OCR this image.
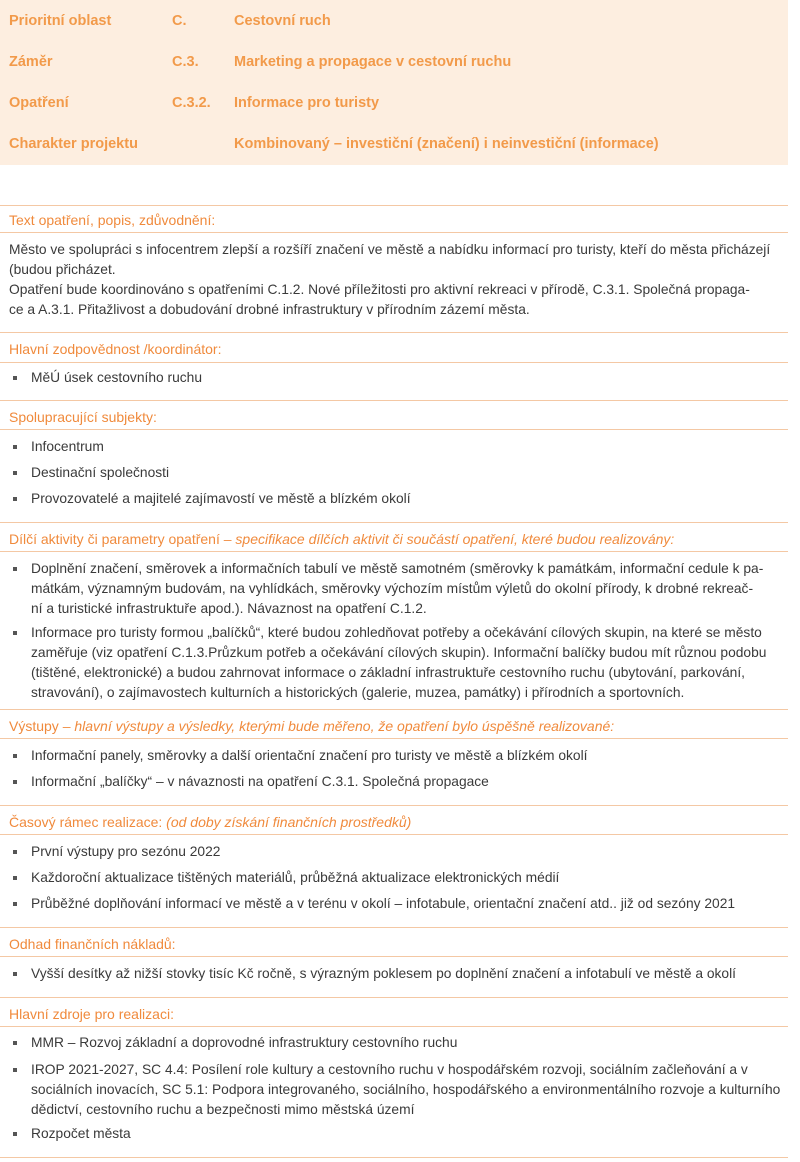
Prioritní oblast	C.	Cestovní ruch
Záměr	C.3. Marketing a propagace v cestovní ruchu
Opatření	C.3.2. Informace pro turisty
Charakter projektu	Kombinovaný – investiční (značení) i neinvestiční (informace)
Text opatření, popis, zdůvodnění:
Město ve spolupráci s infocentrem zlepší a rozšíří značení ve městě a nabídku informací pro turisty, kteří do města přicházejí
(budou přicházet.
Opatření bude koordinováno s opatřeními C.1.2. Nové příležitosti pro aktivní rekreaci v přírodě, C.3.1. Společná propaga-
ce a A.3.1. Přitažlivost a dobudování drobné infrastruktury v přírodním zázemí města.
Hlavní zodpovědnost /koordinátor:
MěÚ úsek cestovního ruchu
Spolupracující subjekty:
Infocentrum
Destinační společnosti
Provozovatelé a majitelé zajímavostí ve městě a blízkém okolí
Dílčí aktivity či parametry opatření – specifikace dílčích aktivit či součástí opatření, které budou realizovány:
Doplnění značení, směrovek a informačních tabulí ve městě samotném (směrovky k památkám, informační cedule k pa-
mátkám, významným budovám, na vyhlídkách, směrovky výchozím místům výletů do okolní přírody, k drobné rekreač-
ní a turistické infrastruktuře apod.). Návaznost na opatření C.1.2.
Informace pro turisty formou „balíčků“, které budou zohledňovat potřeby a očekávání cílových skupin, na které se město
zaměřuje (viz opatření C.1.3.Průzkum potřeb a očekávání cílových skupin). Informační balíčky budou mít různou podobu
(tištěné, elektronické) a budou zahrnovat informace o základní infrastruktuře cestovního ruchu (ubytování, parkování,
stravování), o zajímavostech kulturních a historických (galerie, muzea, památky) i přírodních a sportovních.
Výstupy – hlavní výstupy a výsledky, kterými bude měřeno, že opatření bylo úspěšně realizované:
Informační panely, směrovky a další orientační značení pro turisty ve městě a blízkém okolí
Informační „balíčky“ – v návaznosti na opatření C.3.1. Společná propagace
Časový rámec realizace: (od doby získání finančních prostředků)
První výstupy pro sezónu 2022
Každoroční aktualizace tištěných materiálů, průběžná aktualizace elektronických médií
Průběžné doplňování informací ve městě a v terénu v okolí – infotabule, orientační značení atd.. již od sezóny 2021
Odhad finančních nákladů:
Vyšší desítky až nižší stovky tisíc Kč ročně, s výrazným poklesem po doplnění značení a infotabulí ve městě a okolí
Hlavní zdroje pro realizaci:
MMR – Rozvoj základní a doprovodné infrastruktury cestovního ruchu
IROP 2021-2027, SC 4.4: Posílení role kultury a cestovního ruchu v hospodářském rozvoji, sociálním začleňování a v
sociálních inovacích, SC 5.1: Podpora integrovaného, sociálního, hospodářského a environmentálního rozvoje a kulturního
dědictví, cestovního ruchu a bezpečnosti mimo městská území
Rozpočet města
